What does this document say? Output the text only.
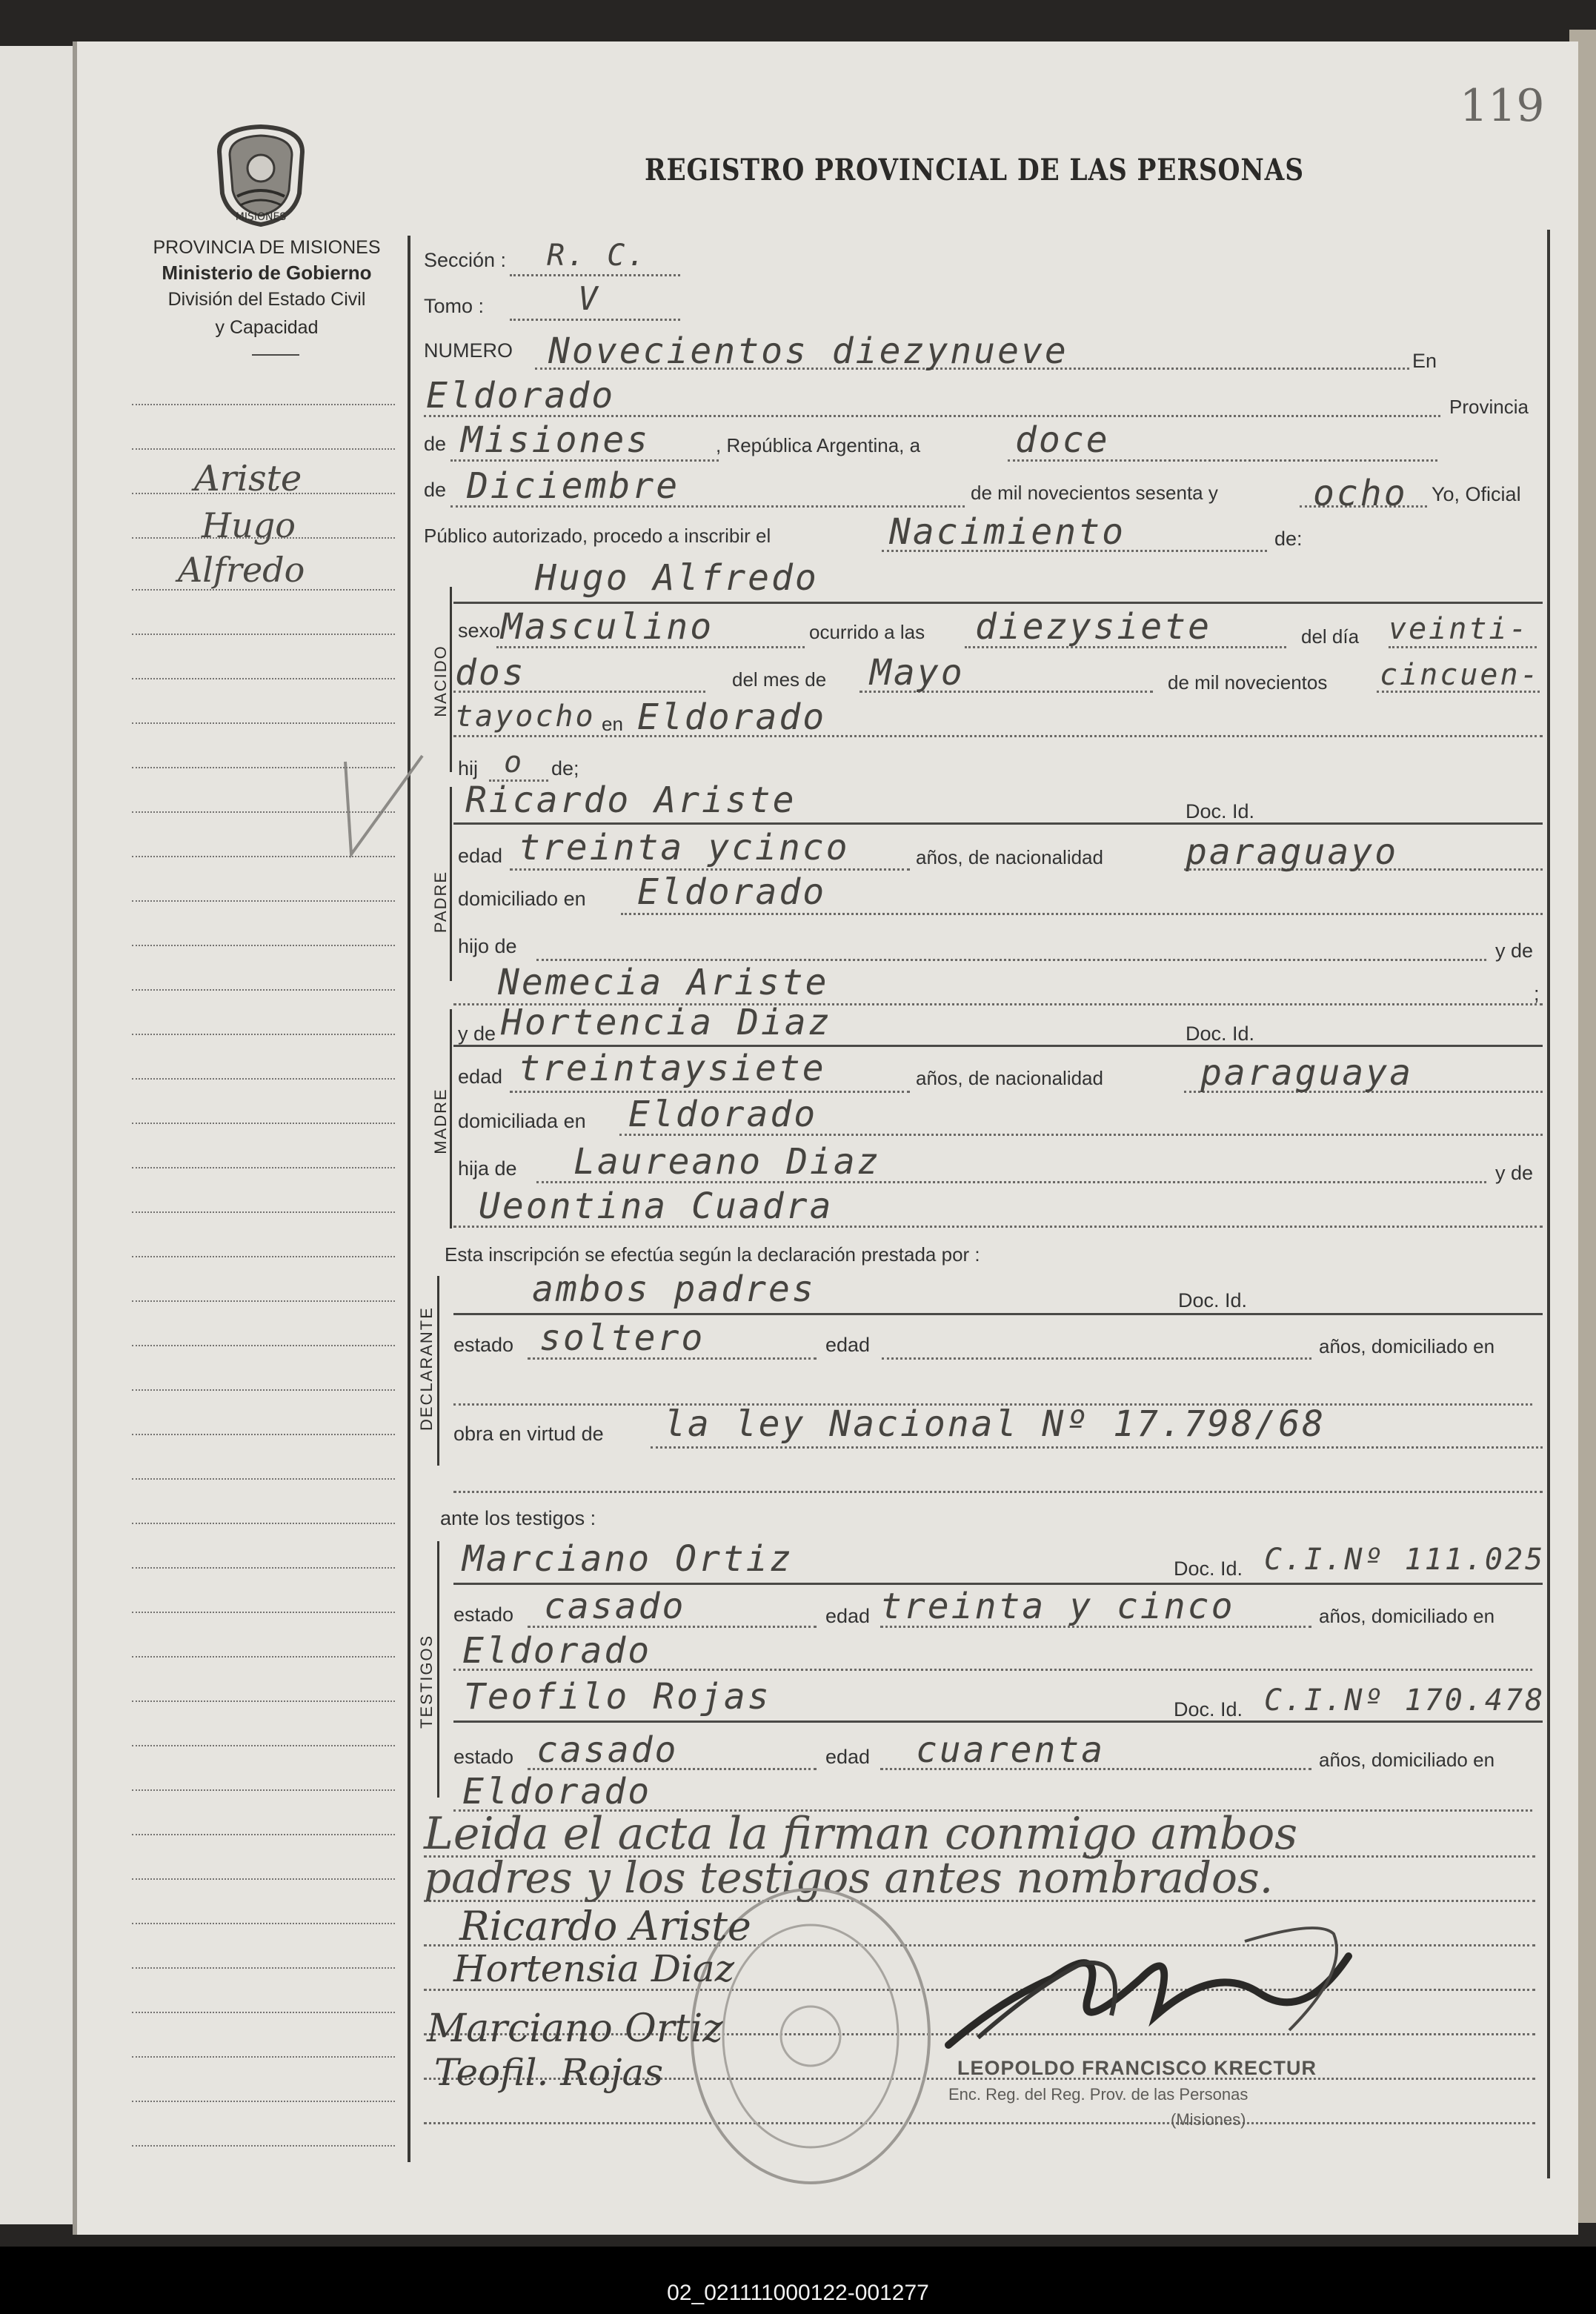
119
REGISTRO PROVINCIAL DE LAS PERSONAS
MISIONES
PROVINCIA DE MISIONES
Ministerio de Gobierno
División del Estado Civil
y Capacidad
Ariste
Hugo
Alfredo
Sección : R. C.
Tomo :	V
NUMERO Novecientos diezynueve	En
Eldorado	Provincia
de Misiones	, República Argentina, a	doce
de Diciembre	de mil novecientos sesenta y	ocho Yo, Oficial
Público autorizado, procedo a inscribir el	Nacimiento	de:
Hugo Alfredo
NACIDO
sexo Masculino	ocurrido a las diezysiete	del día veinti-
dos	del mes de Mayo	de mil novecientos cincuen-
tayocho en Eldorado
hij o de;
PADRE
Ricardo Ariste	Doc. Id.
edad treinta ycinco	años, de nacionalidad paraguayo
domiciliado en Eldorado
hijo de	y de
Nemecia Ariste	;
MADRE
y de Hortencia Diaz	Doc. Id.
edad treintaysiete	años, de nacionalidad	paraguaya
domiciliada en Eldorado
hija de Laureano Diaz	y de
Ueontina Cuadra
Esta inscripción se efectúa según la declaración prestada por :
DECLARANTE
ambos padres	Doc. Id.
estado soltero	edad	años, domiciliado en
obra en virtud de la ley Nacional Nº 17.798/68
ante los testigos :
TESTIGOS
Marciano Ortiz	Doc. Id. C.I.Nº 111.025
estado casado	edad treinta y cinco	años, domiciliado en
Eldorado
Teofilo Rojas	Doc. Id. C.I.Nº 170.478
estado casado	edad cuarenta	años, domiciliado en
Eldorado
Leida el acta la firman conmigo ambos
padres y los testigos antes nombrados.
Ricardo Ariste
Hortensia Diaz
Marciano Ortiz
Teofil. Rojas	LEOPOLDO FRANCISCO KRECTUR
Enc. Reg. del Reg. Prov. de las Personas
(Misiones)
02_021111000122-001277
